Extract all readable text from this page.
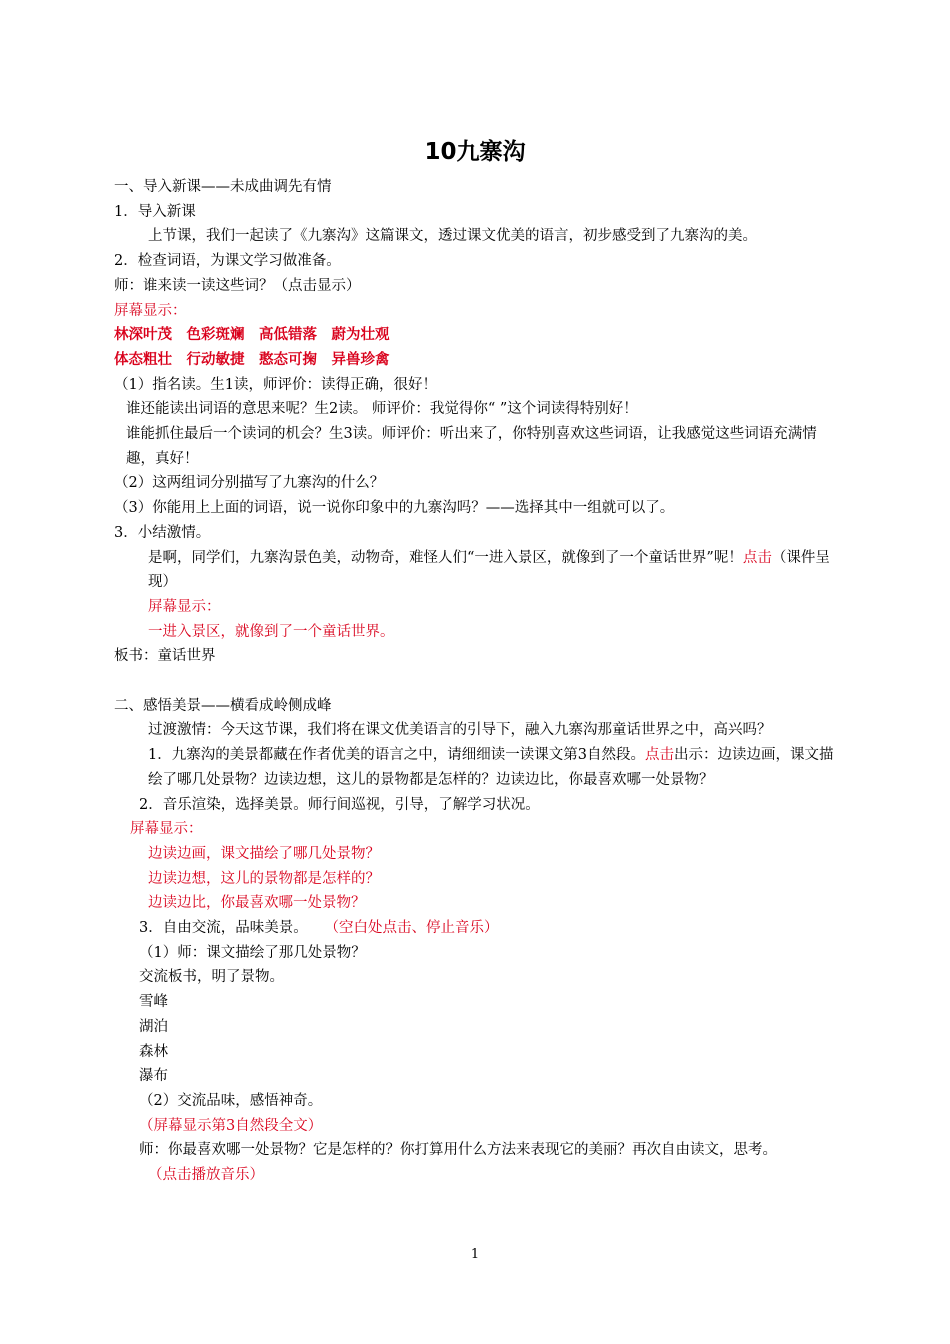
10九寨沟

一、导入新课——未成曲调先有情

1．导入新课

上节课，我们一起读了《九寨沟》这篇课文，透过课文优美的语言，初步感受到了九寨沟的美。

2．检查词语，为课文学习做准备。

师：谁来读一读这些词？（点击显示）

屏幕显示：

林深叶茂　色彩斑斓　高低错落　蔚为壮观

体态粗壮　行动敏捷　憨态可掬　异兽珍禽

（1）指名读。生1读，师评价：读得正确，很好！

谁还能读出词语的意思来呢？生2读。 师评价：我觉得你“ ”这个词读得特别好！

谁能抓住最后一个读词的机会？生3读。师评价：听出来了，你特别喜欢这些词语，让我感觉这些词语充满情趣，真好！

（2）这两组词分别描写了九寨沟的什么？

（3）你能用上上面的词语，说一说你印象中的九寨沟吗？——选择其中一组就可以了。

3．小结激情。

是啊，同学们，九寨沟景色美，动物奇，难怪人们“一进入景区，就像到了一个童话世界”呢！点击（课件呈现）

屏幕显示：

一进入景区，就像到了一个童话世界。

板书：童话世界

二、感悟美景——横看成岭侧成峰

过渡激情：今天这节课，我们将在课文优美语言的引导下，融入九寨沟那童话世界之中，高兴吗？

1．九寨沟的美景都藏在作者优美的语言之中，请细细读一读课文第3自然段。点击出示：边读边画，课文描绘了哪几处景物？边读边想，这儿的景物都是怎样的？边读边比，你最喜欢哪一处景物？

2．音乐渲染，选择美景。师行间巡视，引导，了解学习状况。

屏幕显示：

边读边画，课文描绘了哪几处景物？

边读边想，这儿的景物都是怎样的？

边读边比，你最喜欢哪一处景物？

3．自由交流，品味美景。 （空白处点击、停止音乐）

（1）师：课文描绘了那几处景物？

交流板书，明了景物。

雪峰

湖泊

森林

瀑布

（2）交流品味，感悟神奇。

（屏幕显示第3自然段全文）

师：你最喜欢哪一处景物？它是怎样的？你打算用什么方法来表现它的美丽？再次自由读文，思考。

（点击播放音乐）

1
